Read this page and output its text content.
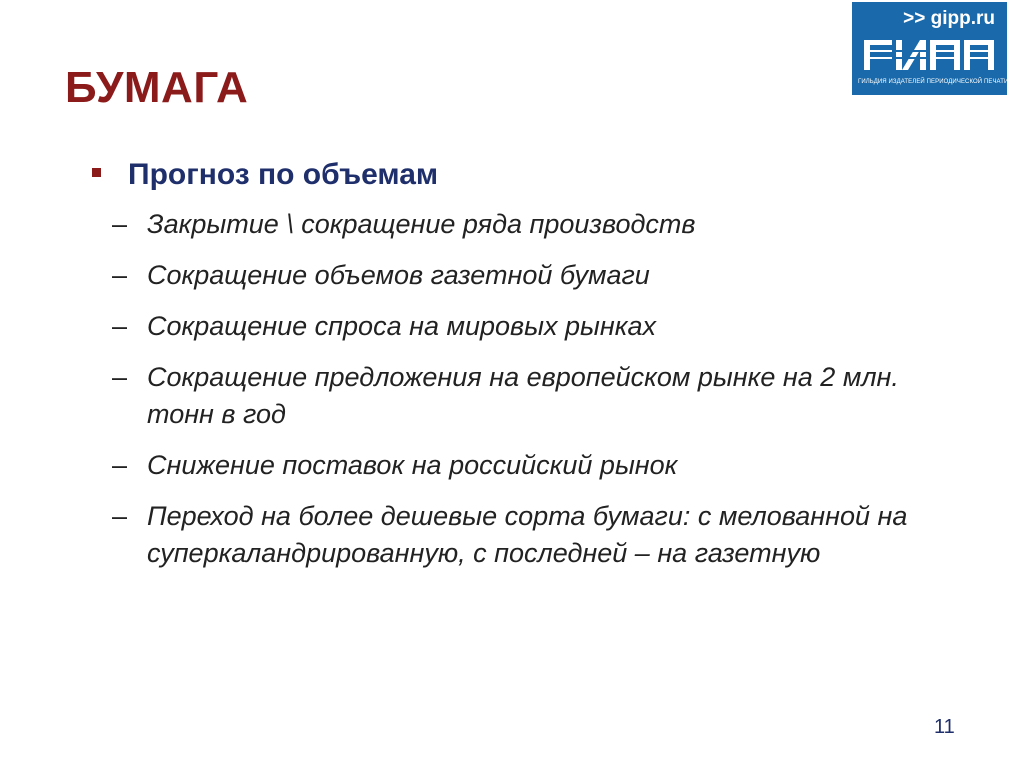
БУМАГА
>> gipp.ru
ГИЛЬДИЯ ИЗДАТЕЛЕЙ ПЕРИОДИЧЕСКОЙ ПЕЧАТИ
Прогноз по объемам
– Закрытие \ сокращение ряда производств
– Сокращение объемов газетной бумаги
– Сокращение спроса на мировых рынках
– Сокращение предложения на европейском рынке на 2 млн. тонн в год
– Снижение поставок на российский рынок
– Переход на более дешевые сорта бумаги: с мелованной на суперкаландрированную, с последней – на газетную
11
